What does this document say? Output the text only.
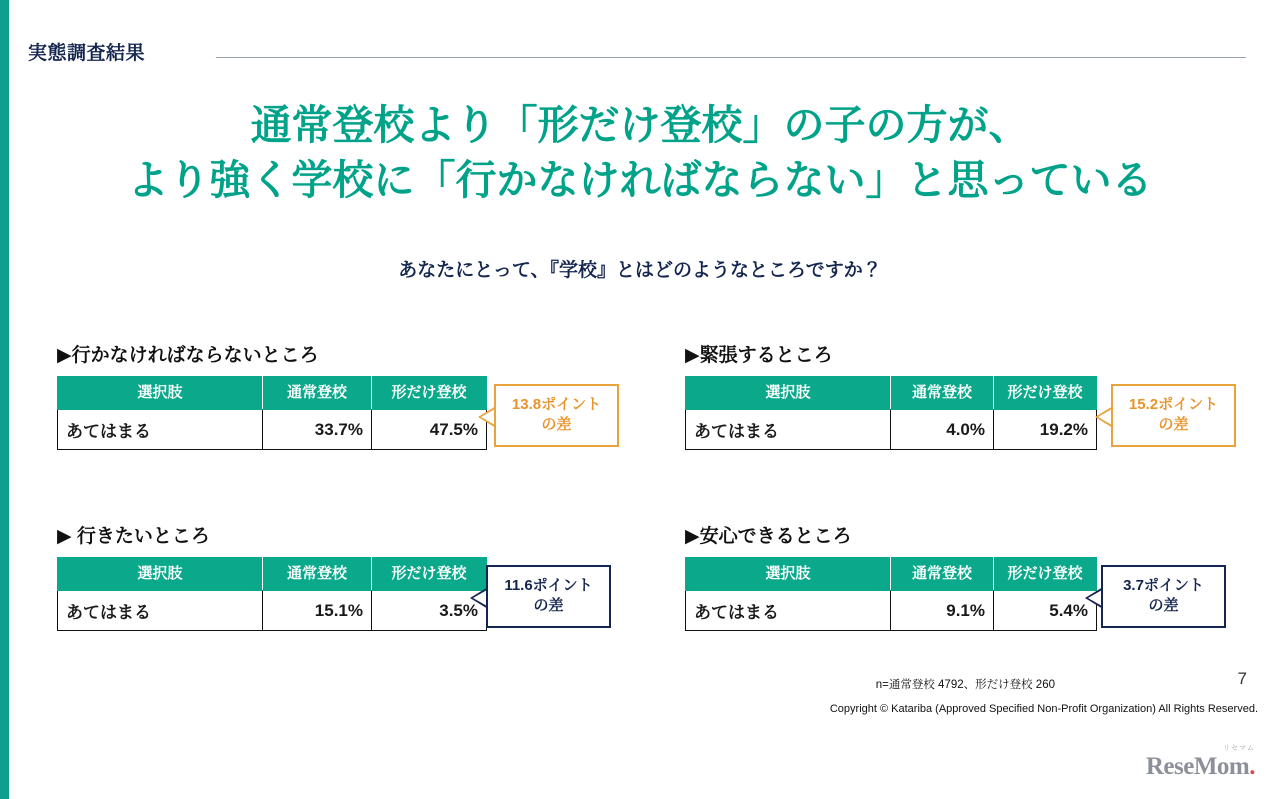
実態調査結果
通常登校より「形だけ登校」の子の方が、
より強く学校に「行かなければならない」と思っている
あなたにとって、『学校』とはどのようなところですか？
▶行かなければならないところ
選択肢	通常登校	形だけ登校
あてはまる	33.7%	47.5%
13.8ポイント
の差
▶緊張するところ
選択肢	通常登校	形だけ登校
あてはまる	4.0%	19.2%
15.2ポイント
の差
▶ 行きたいところ
選択肢	通常登校	形だけ登校
あてはまる	15.1%	3.5%
11.6ポイント
の差
▶安心できるところ
選択肢	通常登校	形だけ登校
あてはまる	9.1%	5.4%
3.7ポイント
の差
n=通常登校 4792、形だけ登校 260	7
Copyright © Katariba (Approved Specified Non-Profit Organization) All Rights Reserved.
リセマム
ReseMom.
